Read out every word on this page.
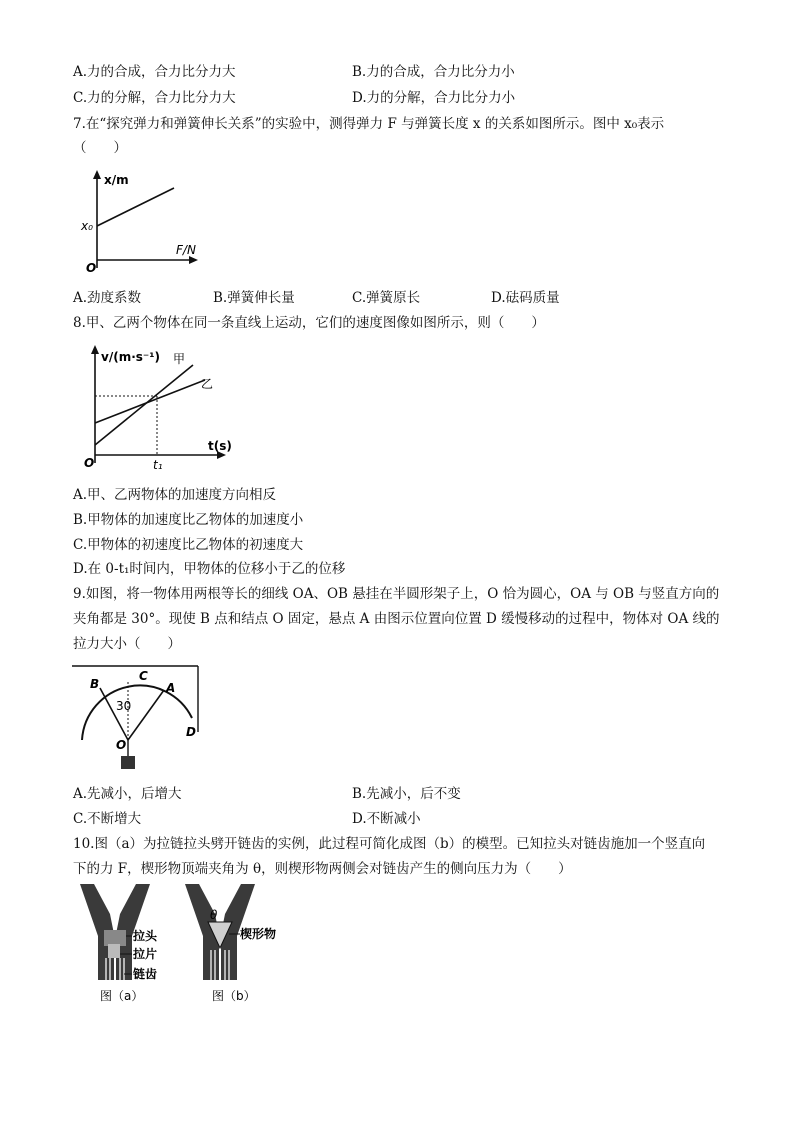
A.力的合成，合力比分力大	B.力的合成，合力比分力小
C.力的分解，合力比分力大	D.力的分解，合力比分力小
7.在“探究弹力和弹簧伸长关系”的实验中，测得弹力 F 与弹簧长度 x 的关系如图所示。图中 x₀表示
（　　）
x/m
F/N
O
x₀
A.劲度系数	B.弹簧伸长量	C.弹簧原长	D.砝码质量
8.甲、乙两个物体在同一条直线上运动，它们的速度图像如图所示，则（　　）
v/(m·s⁻¹)
t(s)
O	t₁
甲
乙
A.甲、乙两物体的加速度方向相反
B.甲物体的加速度比乙物体的加速度小
C.甲物体的初速度比乙物体的初速度大
D.在 0-t₁时间内，甲物体的位移小于乙的位移
9.如图，将一物体用两根等长的细线 OA、OB 悬挂在半圆形架子上，O 恰为圆心，OA 与 OB 与竖直方向的
夹角都是 30°。现使 B 点和结点 O 固定，悬点 A 由图示位置向位置 D 缓慢移动的过程中，物体对 OA 线的
拉力大小（　　）
B
C
A
D
O
30
A.先减小，后增大	B.先减小，后不变
C.不断增大	D.不断减小
10.图（a）为拉链拉头劈开链齿的实例，此过程可简化成图（b）的模型。已知拉头对链齿施加一个竖直向
下的力 F，楔形物顶端夹角为 θ，则楔形物两侧会对链齿产生的侧向压力为（　　）
拉头
拉片
链齿
图（a）
θ
楔形物
图（b）
